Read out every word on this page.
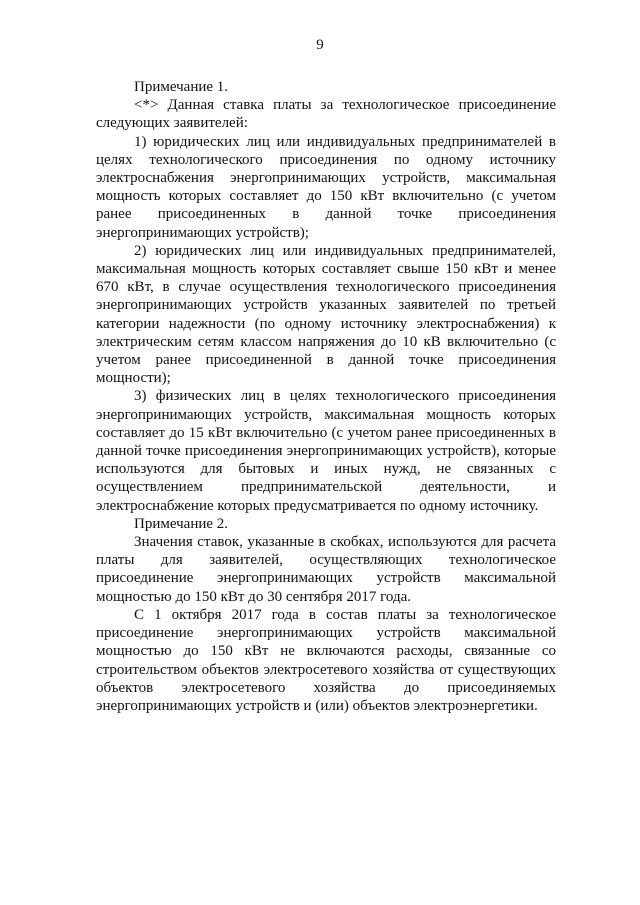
9

Примечание 1.

<*> Данная ставка платы за технологическое присоединение следующих заявителей:

1) юридических лиц или индивидуальных предпринимателей в целях технологического присоединения по одному источнику электроснабжения энергопринимающих устройств, максимальная мощность которых составляет до 150 кВт включительно (с учетом ранее присоединенных в данной точке присоединения энергопринимающих устройств);

2) юридических лиц или индивидуальных предпринимателей, максимальная мощность которых составляет свыше 150 кВт и менее 670 кВт, в случае осуществления технологического присоединения энергопринимающих устройств указанных заявителей по третьей категории надежности (по одному источнику электроснабжения) к электрическим сетям классом напряжения до 10 кВ включительно (с учетом ранее присоединенной в данной точке присоединения мощности);

3) физических лиц в целях технологического присоединения энергопринимающих устройств, максимальная мощность которых составляет до 15 кВт включительно (с учетом ранее присоединенных в данной точке присоединения энергопринимающих устройств), которые используются для бытовых и иных нужд, не связанных с осуществлением предпринимательской деятельности, и электроснабжение которых предусматривается по одному источнику.

Примечание 2.

Значения ставок, указанные в скобках, используются для расчета платы для заявителей, осуществляющих технологическое присоединение энергопринимающих устройств максимальной мощностью до 150 кВт до 30 сентября 2017 года.

С 1 октября 2017 года в состав платы за технологическое присоединение энергопринимающих устройств максимальной мощностью до 150 кВт не включаются расходы, связанные со строительством объектов электросетевого хозяйства от существующих объектов электросетевого хозяйства до присоединяемых энергопринимающих устройств и (или) объектов электроэнергетики.
